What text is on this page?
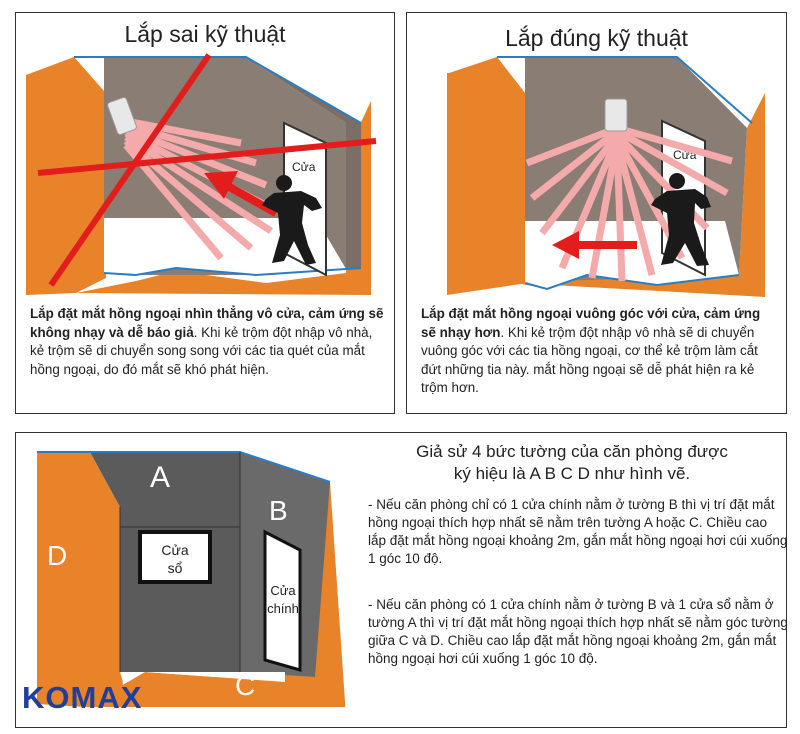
Lắp sai kỹ thuật
Cửa
Lắp đặt mắt hồng ngoại nhìn thẳng vô cửa, cảm ứng sẽ không nhạy và dễ báo giả. Khi kẻ trộm đột nhập vô nhà, kẻ trộm sẽ di chuyển song song với các tia quét của mắt hồng ngoại, do đó mắt sẽ khó phát hiện.
Lắp đúng kỹ thuật
Cửa
Lắp đặt mắt hồng ngoại vuông góc với cửa, cảm ứng sẽ nhạy hơn. Khi kẻ trộm đột nhập vô nhà sẽ di chuyển vuông góc với các tia hồng ngoại, cơ thể kẻ trộm làm cắt đứt những tia này. mắt hồng ngoại sẽ dễ phát hiện ra kẻ trộm hơn.
Cửa
sổ
Cửa
chính
A
B
C
D
Giả sử 4 bức tường của căn phòng được
ký hiệu là A B C D như hình vẽ.
- Nếu căn phòng chỉ có 1 cửa chính nằm ở tường B thì vị trí đặt mắt hồng ngoại thích hợp nhất sẽ nằm trên tường A hoặc C. Chiều cao lắp đặt mắt hồng ngoại khoảng 2m, gắn mắt hồng ngoại hơi cúi xuống 1 góc 10 độ.
- Nếu căn phòng có 1 cửa chính nằm ở tường B và 1 cửa sổ nằm ở tường A thì vị trí đặt mắt hồng ngoại thích hợp nhất sẽ nằm góc tường giữa C và D. Chiều cao lắp đặt mắt hồng ngoại khoảng 2m, gắn mắt hồng ngoại hơi cúi xuống 1 góc 10 độ.
KOMAX
